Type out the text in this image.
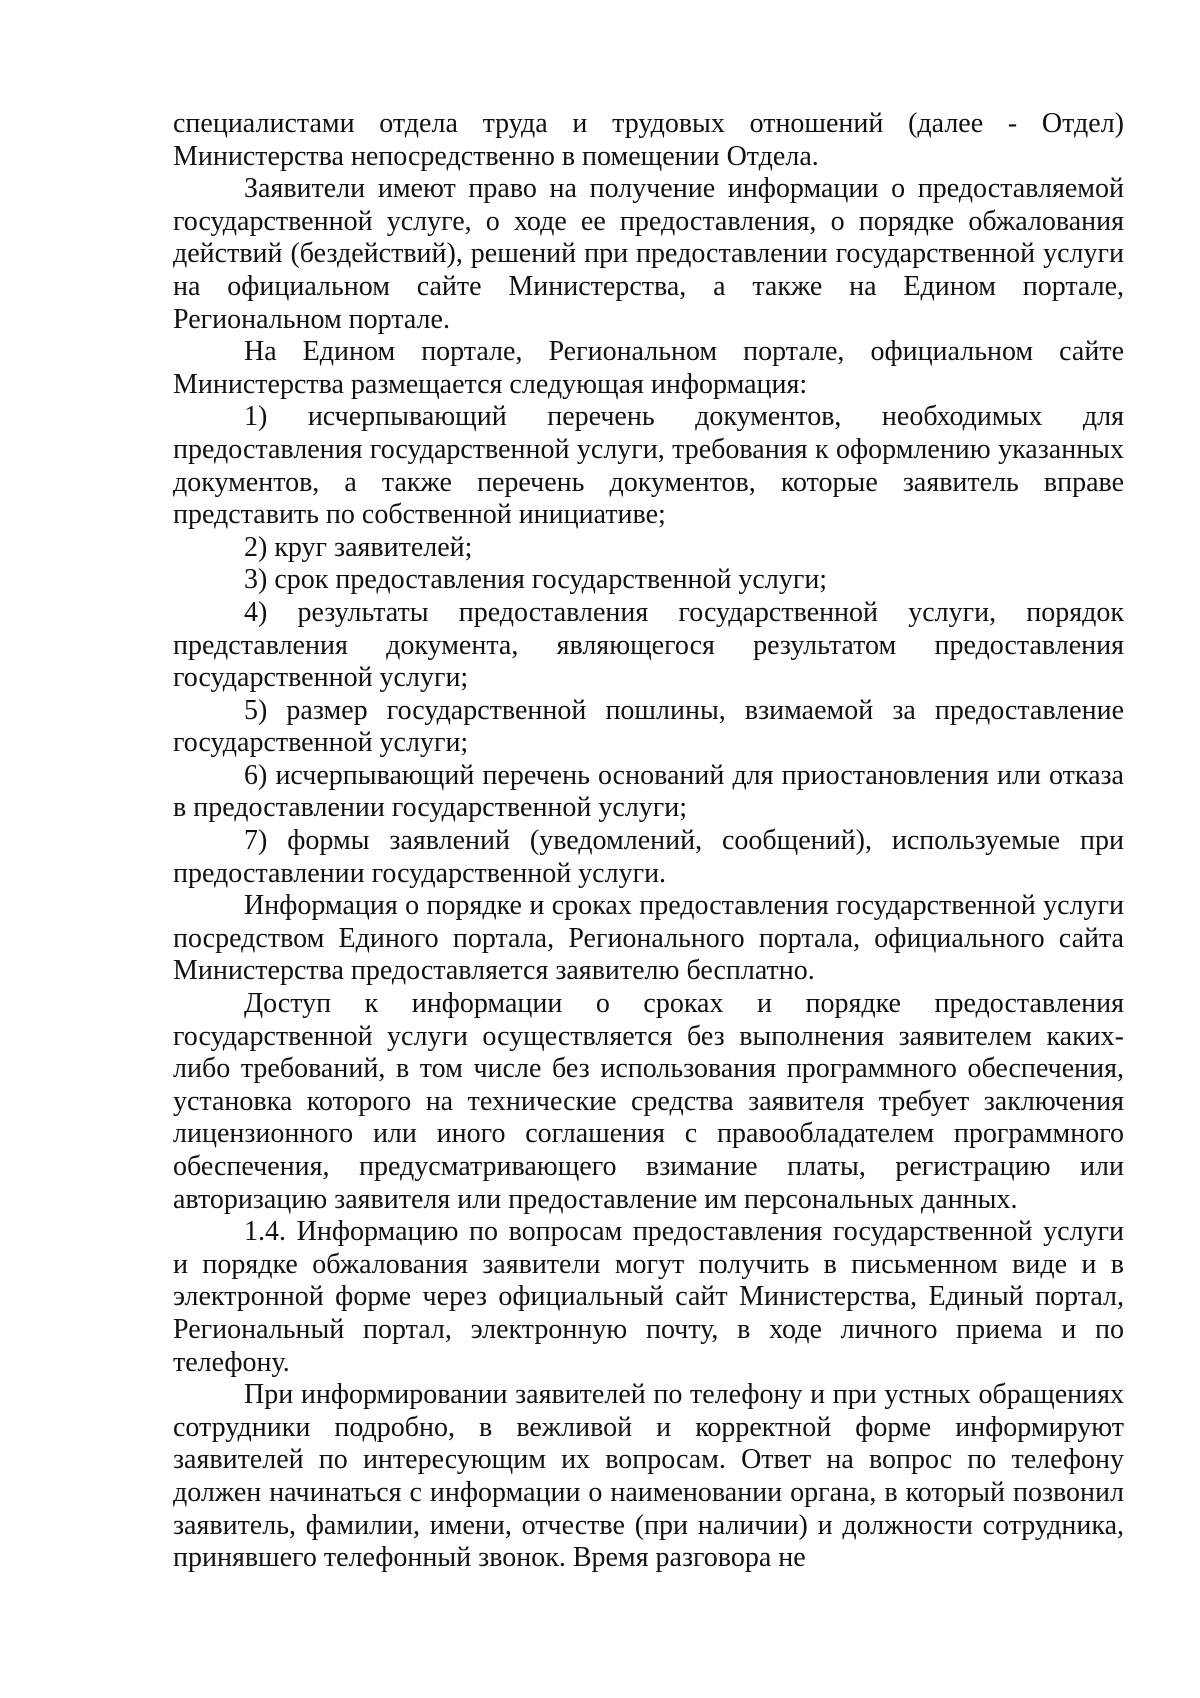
специалистами отдела труда и трудовых отношений (далее - Отдел) Министерства непосредственно в помещении Отдела.

Заявители имеют право на получение информации о предоставляемой государственной услуге, о ходе ее предоставления, о порядке обжалования действий (бездействий), решений при предоставлении государственной услуги на официальном сайте Министерства, а также на Едином портале, Региональном портале.

На Едином портале, Региональном портале, официальном сайте Министерства размещается следующая информация:

1) исчерпывающий перечень документов, необходимых для предоставления государственной услуги, требования к оформлению указанных документов, а также перечень документов, которые заявитель вправе представить по собственной инициативе;

2) круг заявителей;

3) срок предоставления государственной услуги;

4) результаты предоставления государственной услуги, порядок представления документа, являющегося результатом предоставления государственной услуги;

5) размер государственной пошлины, взимаемой за предоставление государственной услуги;

6) исчерпывающий перечень оснований для приостановления или отказа в предоставлении государственной услуги;

7) формы заявлений (уведомлений, сообщений), используемые при предоставлении государственной услуги.

Информация о порядке и сроках предоставления государственной услуги посредством Единого портала, Регионального портала, официального сайта Министерства предоставляется заявителю бесплатно.

Доступ к информации о сроках и порядке предоставления государственной услуги осуществляется без выполнения заявителем каких-либо требований, в том числе без использования программного обеспечения, установка которого на технические средства заявителя требует заключения лицензионного или иного соглашения с правообладателем программного обеспечения, предусматривающего взимание платы, регистрацию или авторизацию заявителя или предоставление им персональных данных.

1.4. Информацию по вопросам предоставления государственной услуги и порядке обжалования заявители могут получить в письменном виде и в электронной форме через официальный сайт Министерства, Единый портал, Региональный портал, электронную почту, в ходе личного приема и по телефону.

При информировании заявителей по телефону и при устных обращениях сотрудники подробно, в вежливой и корректной форме информируют заявителей по интересующим их вопросам. Ответ на вопрос по телефону должен начинаться с информации о наименовании органа, в который позвонил заявитель, фамилии, имени, отчестве (при наличии) и должности сотрудника, принявшего телефонный звонок. Время разговора не
